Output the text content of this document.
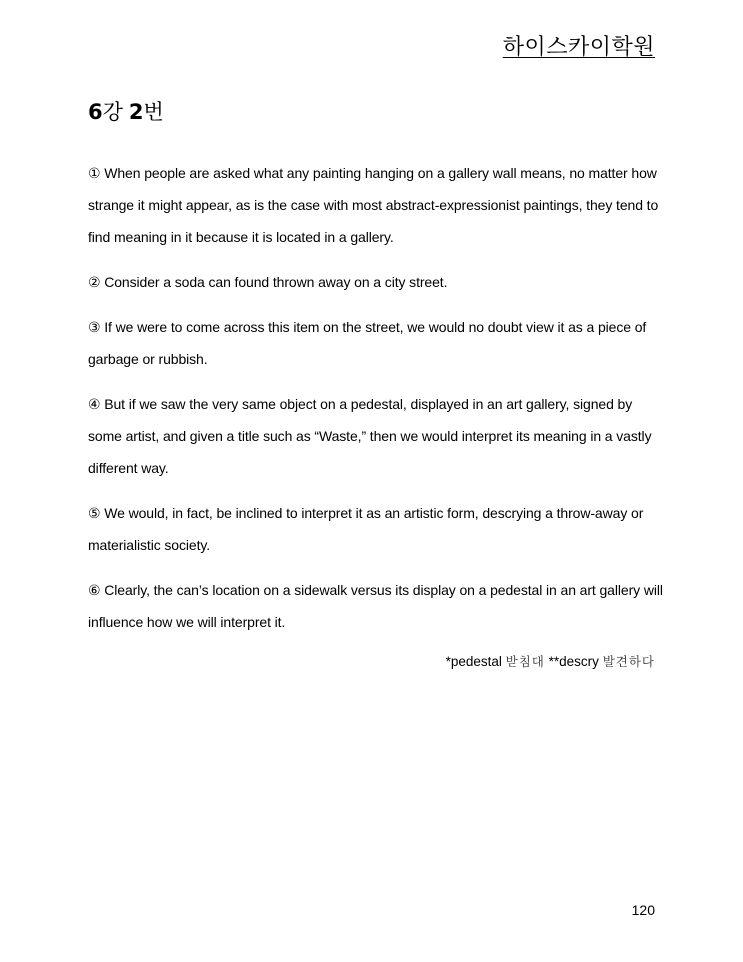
하이스카이학원
6강 2번

① When people are asked what any painting hanging on a gallery wall means, no matter how strange it might appear, as is the case with most abstract-expressionist paintings, they tend to find meaning in it because it is located in a gallery.

② Consider a soda can found thrown away on a city street.

③ If we were to come across this item on the street, we would no doubt view it as a piece of garbage or rubbish.

④ But if we saw the very same object on a pedestal, displayed in an art gallery, signed by some artist, and given a title such as “Waste,” then we would interpret its meaning in a vastly different way.

⑤ We would, in fact, be inclined to interpret it as an artistic form, descrying a throw-away or materialistic society.

⑥ Clearly, the can’s location on a sidewalk versus its display on a pedestal in an art gallery will influence how we will interpret it.

*pedestal 받침대 **descry 발견하다
120
